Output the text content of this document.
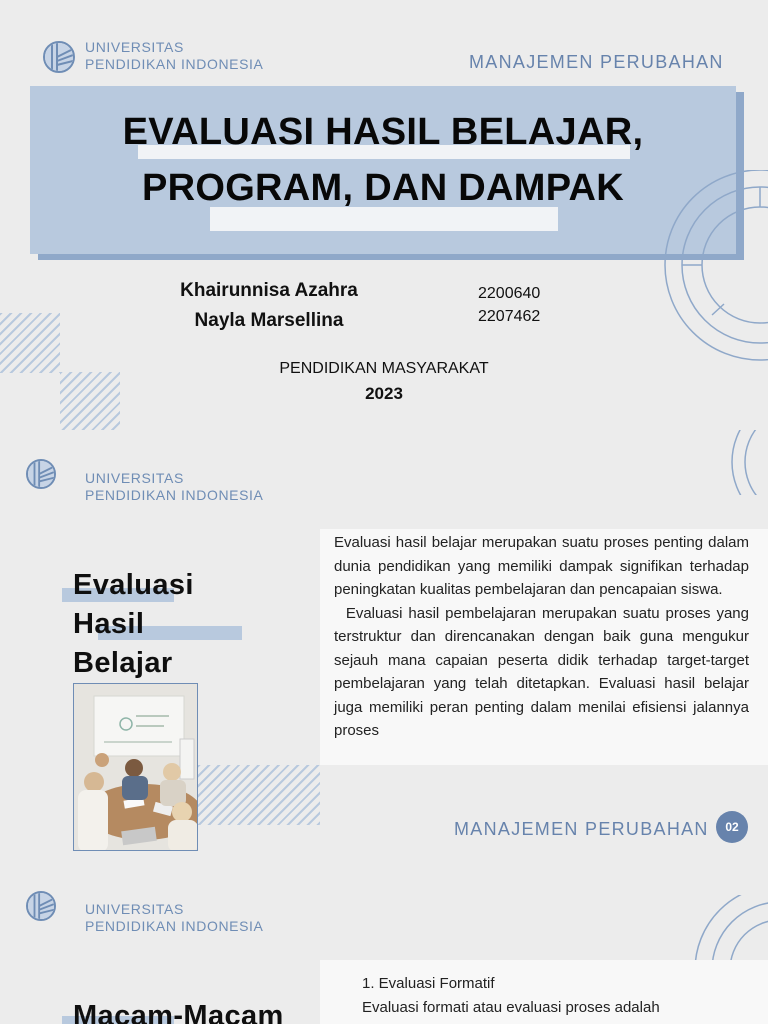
UNIVERSITAS
PENDIDIKAN INDONESIA	MANAJEMEN PERUBAHAN
EVALUASI HASIL BELAJAR,
PROGRAM, DAN DAMPAK
Khairunnisa Azahra
Nayla Marsellina
2200640
2207462
PENDIDIKAN MASYARAKAT
2023
UNIVERSITAS
PENDIDIKAN INDONESIA
Evaluasi
Hasil
Belajar
Evaluasi hasil belajar merupakan suatu proses penting dalam dunia pendidikan yang memiliki dampak signifikan terhadap peningkatan kualitas pembelajaran dan pencapaian siswa.
Evaluasi hasil pembelajaran merupakan suatu proses yang terstruktur dan direncanakan dengan baik guna mengukur sejauh mana capaian peserta didik terhadap target-target pembelajaran yang telah ditetapkan. Evaluasi hasil belajar juga memiliki peran penting dalam menilai efisiensi jalannya proses
MANAJEMEN PERUBAHAN	02
UNIVERSITAS
PENDIDIKAN INDONESIA
1. Evaluasi Formatif
Evaluasi formati atau evaluasi proses adalah
Macam-Macam
